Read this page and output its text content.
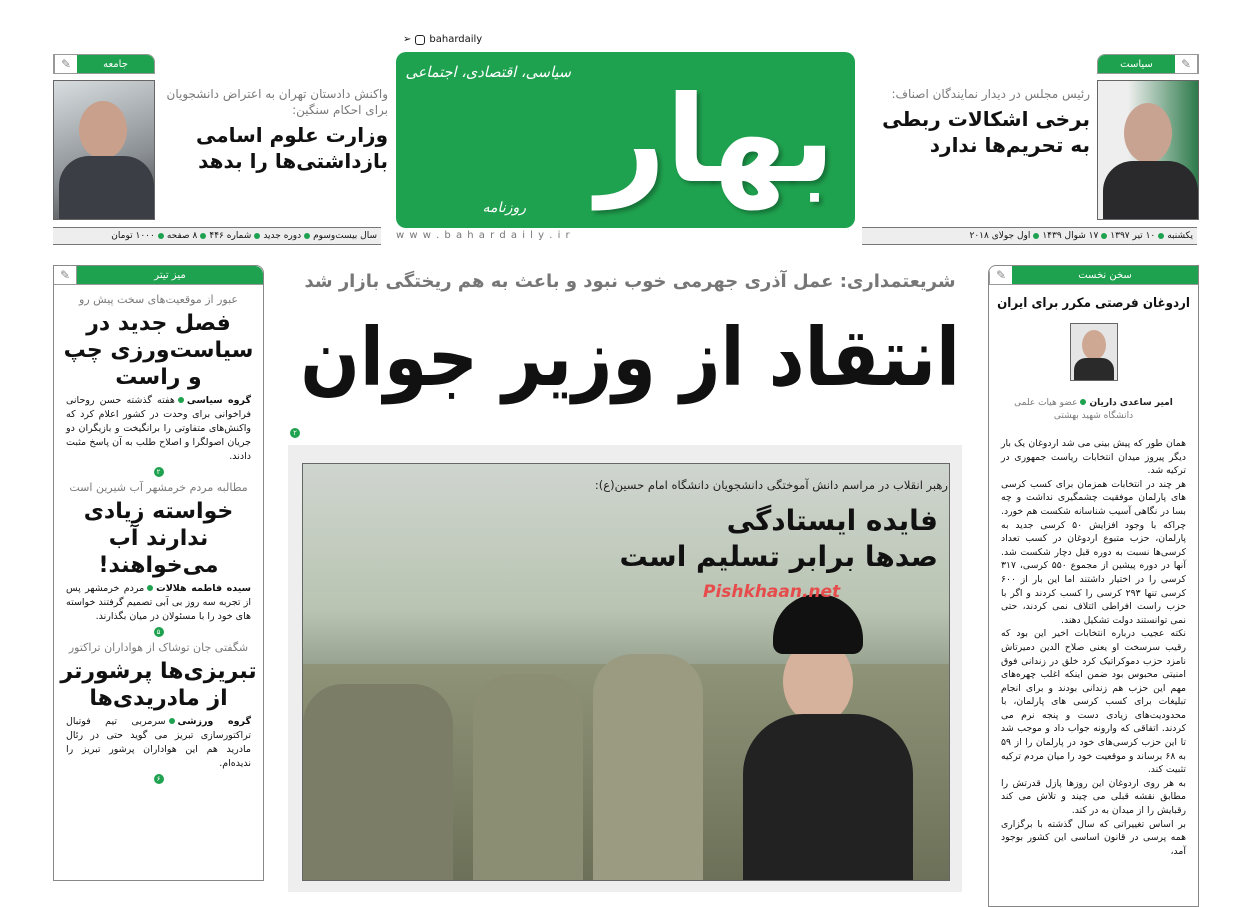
➢ bahardaily
سیاسی، اقتصادی، اجتماعی بهار
روزنامه
w w w . b a h a r d a i l y . i r
✎	جامعه
واکنش دادستان تهران به اعتراض دانشجویان برای احکام سنگین:
وزارت علوم اسامی بازداشتی‌ها را بدهد
سال بیست‌وسوم
دوره جدید
شماره ۴۴۶
۸ صفحه
۱۰۰۰ تومان
✎
سیاست
رئیس مجلس در دیدار نمایندگان اصناف:
برخی اشکالات ربطی به تحریم‌ها ندارد
یکشنبه
۱۰ تیر ۱۳۹۷
۱۷ شوال ۱۴۳۹
اول جولای ۲۰۱۸
شریعتمداری: عمل آذری جهرمی خوب نبود و باعث به هم ریختگی بازار شد
انتقاد از وزیر جوان
۲
رهبر انقلاب در مراسم دانش آموختگی دانشجویان دانشگاه امام حسین(ع):
فایده ایستادگی
صدها برابر تسلیم است
Pishkhaan.net
میز تیتر
✎
عبور از موقعیت‌های سخت پیش رو
فصل جدید در سیاست‌ورزی چپ و راست
گروه سیاسیهفته گذشته حسن روحانی فراخوانی برای وحدت در کشور اعلام کرد که واکنش‌های متفاوتی را برانگیخت و بازیگران دو جریان اصولگرا و اصلاح طلب به آن پاسخ مثبت دادند.
۲
مطالبه مردم خرمشهر آب شیرین است
خواسته زیادی ندارند آب می‌خواهند!
سیده فاطمه هلالاتمردم خرمشهر پس از تجربه سه روز بی آبی تصمیم گرفتند خواسته های خود را با مسئولان در میان بگذارند.
۵
شگفتی جان توشاک از هواداران تراکتور
تبریزی‌ها پرشورتر از مادریدی‌ها
گروه ورزشیسرمربی تیم فوتبال تراکتورسازی تبریز می گوید حتی در رئال مادرید هم این هواداران پرشور تبریز را ندیده‌ام.
۶
✎	سخن نخست
اردوغان فرصتی مکرر برای ایران
امیر ساعدی داریانعضو هیات علمی دانشگاه شهید بهشتی
همان طور که پیش بینی می شد اردوغان یک بار دیگر پیروز میدان انتخابات ریاست جمهوری در ترکیه شد.
هر چند در انتخابات همزمان برای کسب کرسی های پارلمان موفقیت چشمگیری نداشت و چه بسا در نگاهی آسیب شناسانه شکست هم خورد. چراکه با وجود افزایش ۵۰ کرسی جدید به پارلمان، حزب متبوع اردوغان در کسب تعداد کرسی‌ها نسبت به دوره قبل دچار شکست شد. آنها در دوره پیشین از مجموع ۵۵۰ کرسی، ۳۱۷ کرسی را در اختیار داشتند اما این بار از ۶۰۰ کرسی تنها ۲۹۳ کرسی را کسب کردند و اگر با حزب راست افراطی ائتلاف نمی کردند، حتی نمی توانستند دولت تشکیل دهند.
نکته عجیب درباره انتخابات اخیر این بود که رقیب سرسخت او یعنی صلاح الدین دمیرتاش نامزد حزب دموکراتیک کرد خلق در زندانی فوق امنیتی محبوس بود ضمن اینکه اغلب چهره‌های مهم این حزب هم زندانی بودند و برای انجام تبلیغات برای کسب کرسی های پارلمان، با محدودیت‌های زیادی دست و پنجه نرم می کردند. اتفاقی که وارونه جواب داد و موجب شد تا این حزب کرسی‌های خود در پارلمان را از ۵۹ به ۶۸ برساند و موقعیت خود را میان مردم ترکیه تثبیت کند.
به هر روی اردوغان این روزها پازل قدرتش را مطابق نقشه قبلی می چیند و تلاش می کند رقبایش را از میدان به در کند.
بر اساس تغییراتی که سال گذشته با برگزاری همه پرسی در قانون اساسی این کشور بوجود آمد،
